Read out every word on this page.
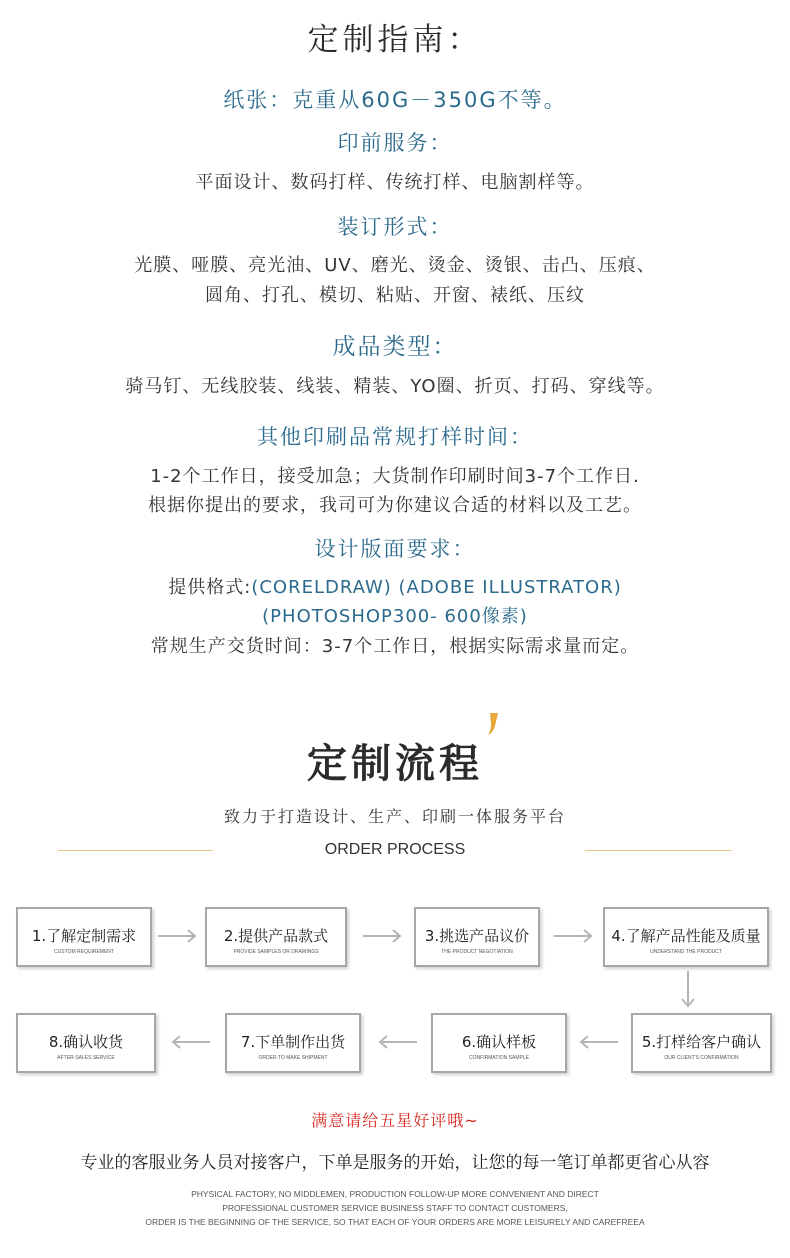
定制指南：
纸张：克重从60G－350G不等。
印前服务：
平面设计、数码打样、传统打样、电脑割样等。
装订形式：
光膜、哑膜、亮光油、UV、磨光、烫金、烫银、击凸、压痕、
圆角、打孔、模切、粘贴、开窗、裱纸、压纹
成品类型：
骑马钉、无线胶装、线装、精装、YO圈、折页、打码、穿线等。
其他印刷品常规打样时间：
1-2个工作日，接受加急；大货制作印刷时间3-7个工作日.
根据你提出的要求，我司可为你建议合适的材料以及工艺。
设计版面要求：
提供格式:(CORELDRAW) (ADOBE ILLUSTRATOR)
(PHOTOSHOP300- 600像素)
常规生产交货时间：3-7个工作日，根据实际需求量而定。
定制流程
致力于打造设计、生产、印刷一体服务平台
ORDER PROCESS
1.了解定制需求
CUSTOM REQUIREMENT
2.提供产品款式
PROVIDE SAMPLES OR DRAWINGS
3.挑选产品议价
THE PRODUCT NEGOTIATION
4.了解产品性能及质量
UNDERSTAND THE PRODUCT
8.确认收货
AFTER-SALES SERVICE
7.下单制作出货
ORDER TO MAKE SHIPMENT
6.确认样板
CONFIRMATION SAMPLE
5.打样给客户确认
OUR CLIENT'S CONFIRMATION
满意请给五星好评哦~
专业的客服业务人员对接客户，下单是服务的开始，让您的每一笔订单都更省心从容
PHYSICAL FACTORY, NO MIDDLEMEN, PRODUCTION FOLLOW-UP MORE CONVENIENT AND DIRECT
PROFESSIONAL CUSTOMER SERVICE BUSINESS STAFF TO CONTACT CUSTOMERS,
ORDER IS THE BEGINNING OF THE SERVICE, SO THAT EACH OF YOUR ORDERS ARE MORE LEISURELY AND CAREFREEA
